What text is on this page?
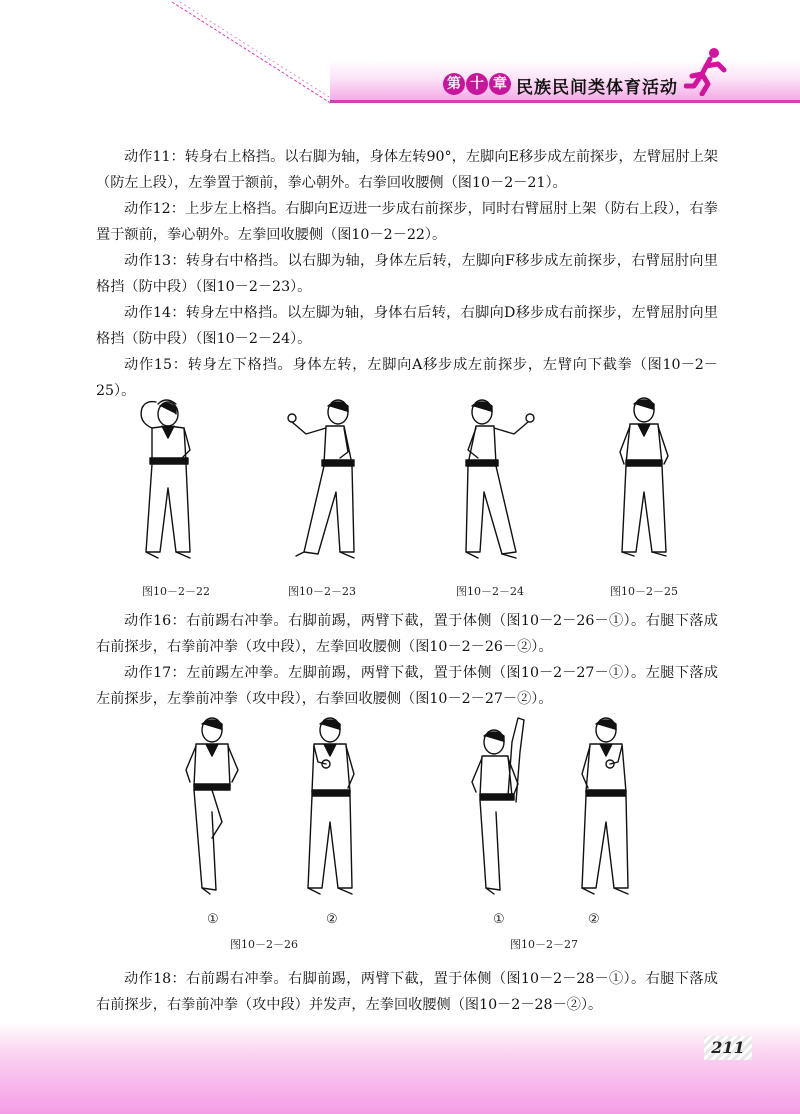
第 十 章 民族民间类体育活动

动作11：转身右上格挡。以右脚为轴，身体左转90°，左脚向E移步成左前探步，左臂屈肘上架（防左上段），左拳置于额前，拳心朝外。右拳回收腰侧（图10－2－21）。

动作12：上步左上格挡。右脚向E迈进一步成右前探步，同时右臂屈肘上架（防右上段），右拳置于额前，拳心朝外。左拳回收腰侧（图10－2－22）。

动作13：转身右中格挡。以右脚为轴，身体左后转，左脚向F移步成左前探步，右臂屈肘向里格挡（防中段）（图10－2－23）。

动作14：转身左中格挡。以左脚为轴，身体右后转，右脚向D移步成右前探步，左臂屈肘向里格挡（防中段）（图10－2－24）。

动作15：转身左下格挡。身体左转，左脚向A移步成左前探步，左臂向下截拳（图10－2－25）。

图10－2－22	图10－2－23	图10－2－24	图10－2－25

动作16：右前踢右冲拳。右脚前踢，两臂下截，置于体侧（图10－2－26－①）。右腿下落成右前探步，右拳前冲拳（攻中段），左拳回收腰侧（图10－2－26－②）。

动作17：左前踢左冲拳。左脚前踢，两臂下截，置于体侧（图10－2－27－①）。左腿下落成左前探步，左拳前冲拳（攻中段），右拳回收腰侧（图10－2－27－②）。

①	②	①	②
图10－2－26	图10－2－27

动作18：右前踢右冲拳。右脚前踢，两臂下截，置于体侧（图10－2－28－①）。右腿下落成右前探步，右拳前冲拳（攻中段）并发声，左拳回收腰侧（图10－2－28－②）。

211
